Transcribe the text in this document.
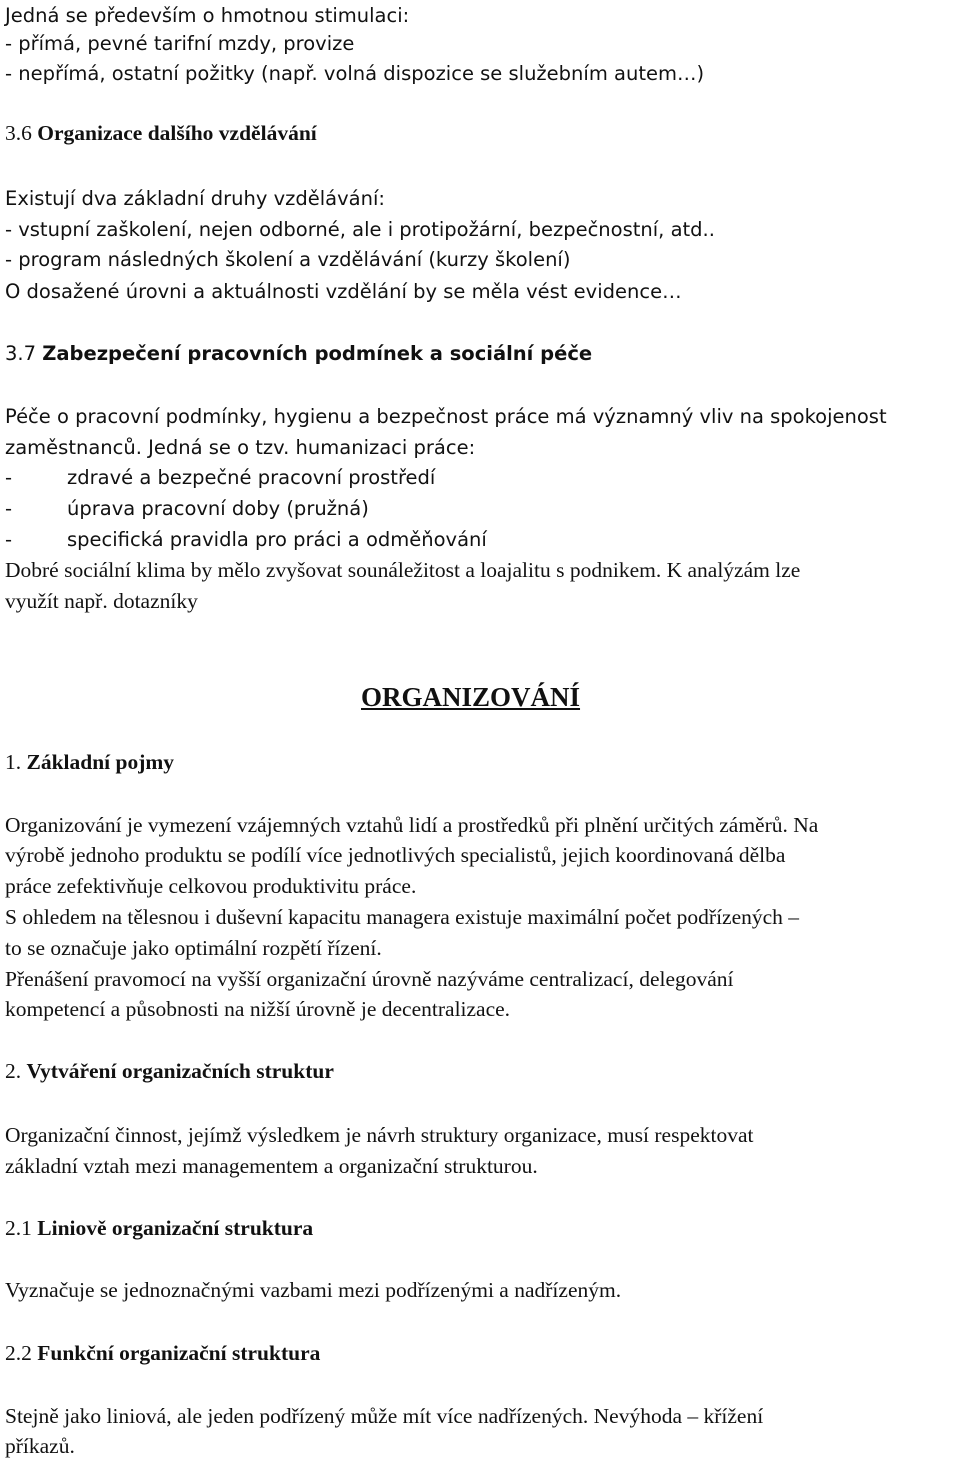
Jedná se především o hmotnou stimulaci:
- přímá, pevné tarifní mzdy, provize
- nepřímá, ostatní požitky (např. volná dispozice se služebním autem…)
3.6 Organizace dalšího vzdělávání
Existují dva základní druhy vzdělávání:
- vstupní zaškolení, nejen odborné, ale i protipožární, bezpečnostní, atd..
- program následných školení a vzdělávání (kurzy školení)
O dosažené úrovni a aktuálnosti vzdělání by se měla vést evidence…
3.7 Zabezpečení pracovních podmínek a sociální péče
Péče o pracovní podmínky, hygienu a bezpečnost práce má významný vliv na spokojenost
zaměstnanců. Jedná se o tzv. humanizaci práce:
-	zdravé a bezpečné pracovní prostředí
-	úprava pracovní doby (pružná)
-	specifická pravidla pro práci a odměňování
Dobré sociální klima by mělo zvyšovat sounáležitost a loajalitu s podnikem. K analýzám lze
využít např. dotazníky
ORGANIZOVÁNÍ
1. Základní pojmy
Organizování je vymezení vzájemných vztahů lidí a prostředků při plnění určitých záměrů. Na
výrobě jednoho produktu se podílí více jednotlivých specialistů, jejich koordinovaná dělba
práce zefektivňuje celkovou produktivitu práce.
S ohledem na tělesnou i duševní kapacitu managera existuje maximální počet podřízených –
to se označuje jako optimální rozpětí řízení.
Přenášení pravomocí na vyšší organizační úrovně nazýváme centralizací, delegování
kompetencí a působnosti na nižší úrovně je decentralizace.
2. Vytváření organizačních struktur
Organizační činnost, jejímž výsledkem je návrh struktury organizace, musí respektovat
základní vztah mezi managementem a organizační strukturou.
2.1 Liniově organizační struktura
Vyznačuje se jednoznačnými vazbami mezi podřízenými a nadřízeným.
2.2 Funkční organizační struktura
Stejně jako liniová, ale jeden podřízený může mít více nadřízených. Nevýhoda – křížení
příkazů.
